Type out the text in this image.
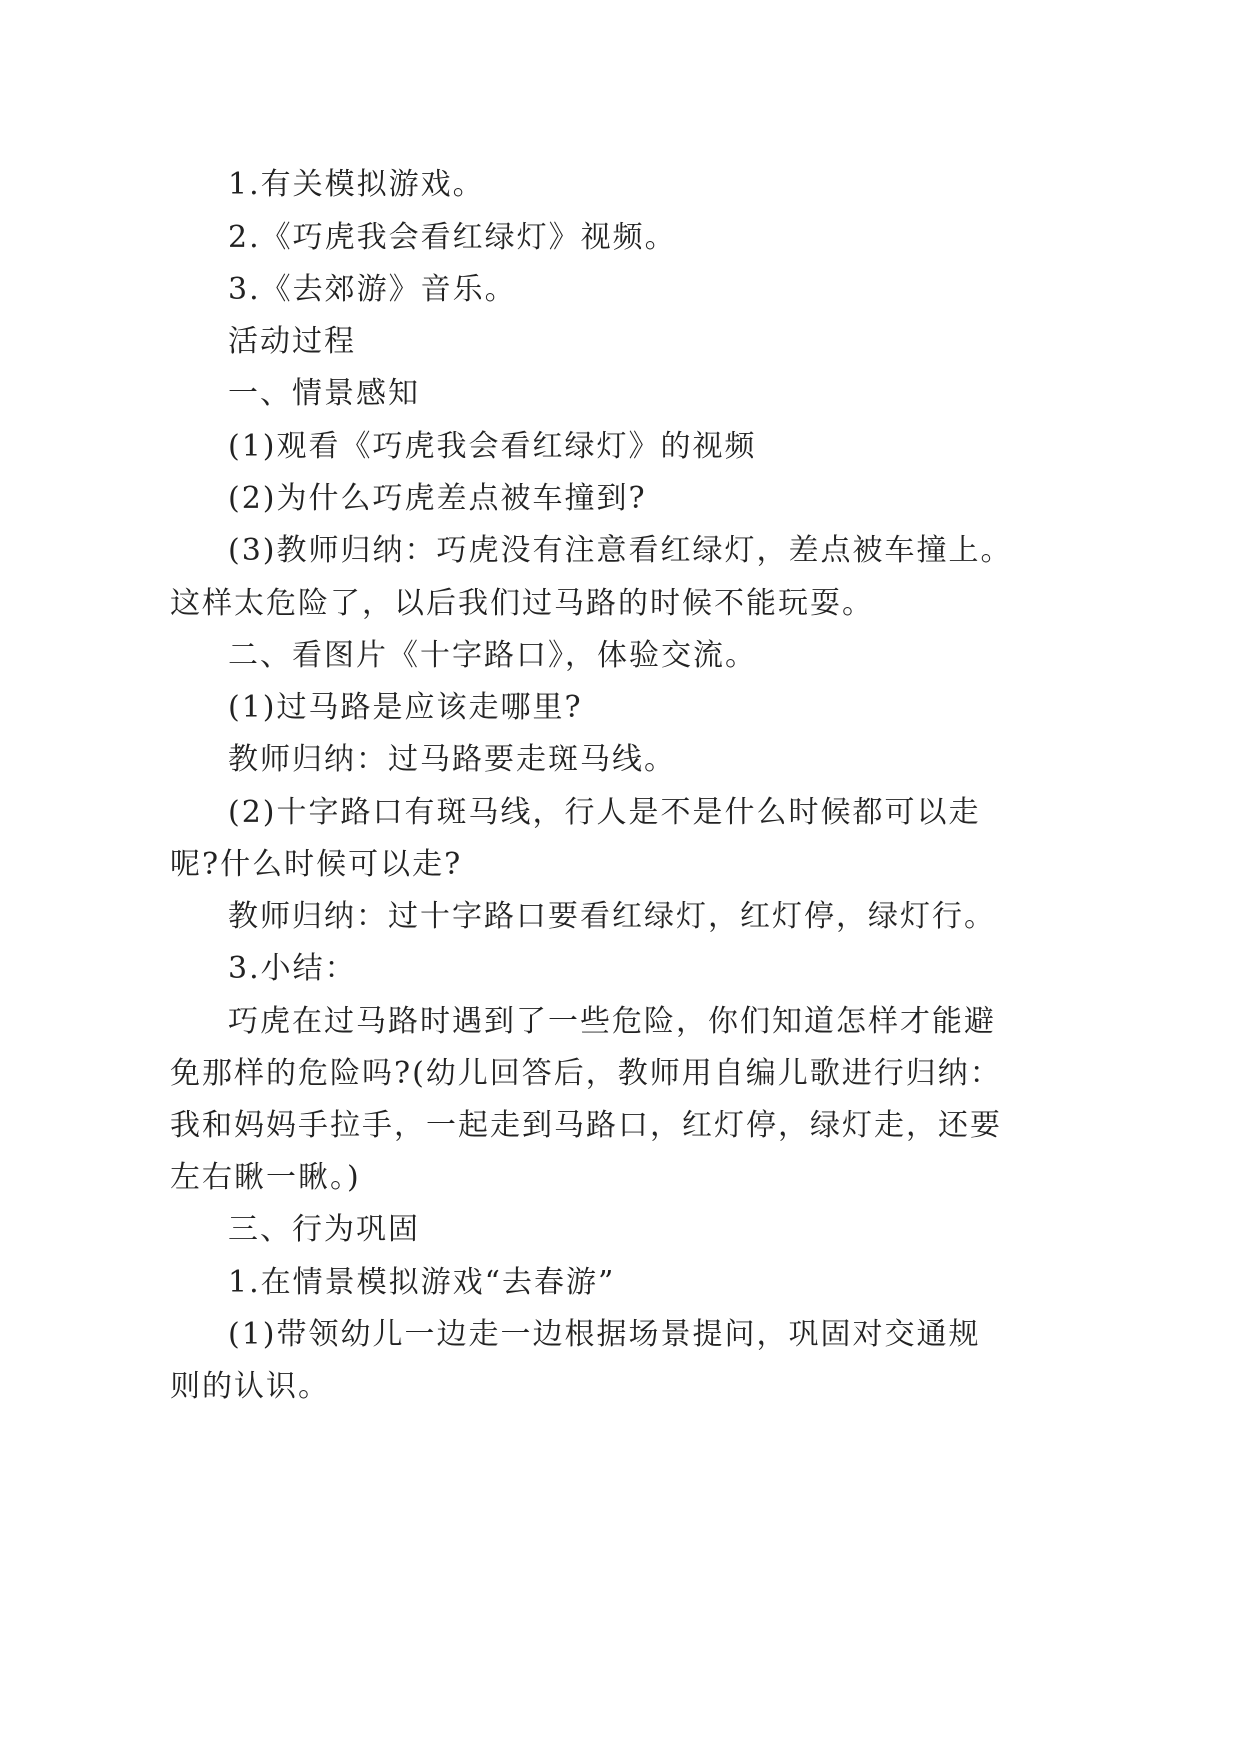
1.有关模拟游戏。
2.《巧虎我会看红绿灯》视频。
3.《去郊游》音乐。
活动过程
一、情景感知
(1)观看《巧虎我会看红绿灯》的视频
(2)为什么巧虎差点被车撞到?
(3)教师归纳：巧虎没有注意看红绿灯，差点被车撞上。
这样太危险了，以后我们过马路的时候不能玩耍。
二、看图片《十字路口》，体验交流。
(1)过马路是应该走哪里?
教师归纳：过马路要走斑马线。
(2)十字路口有斑马线，行人是不是什么时候都可以走
呢?什么时候可以走?
教师归纳：过十字路口要看红绿灯，红灯停，绿灯行。
3.小结：
巧虎在过马路时遇到了一些危险，你们知道怎样才能避
免那样的危险吗?(幼儿回答后，教师用自编儿歌进行归纳：
我和妈妈手拉手，一起走到马路口，红灯停，绿灯走，还要
左右瞅一瞅。)
三、行为巩固
1.在情景模拟游戏“去春游”
(1)带领幼儿一边走一边根据场景提问，巩固对交通规
则的认识。
